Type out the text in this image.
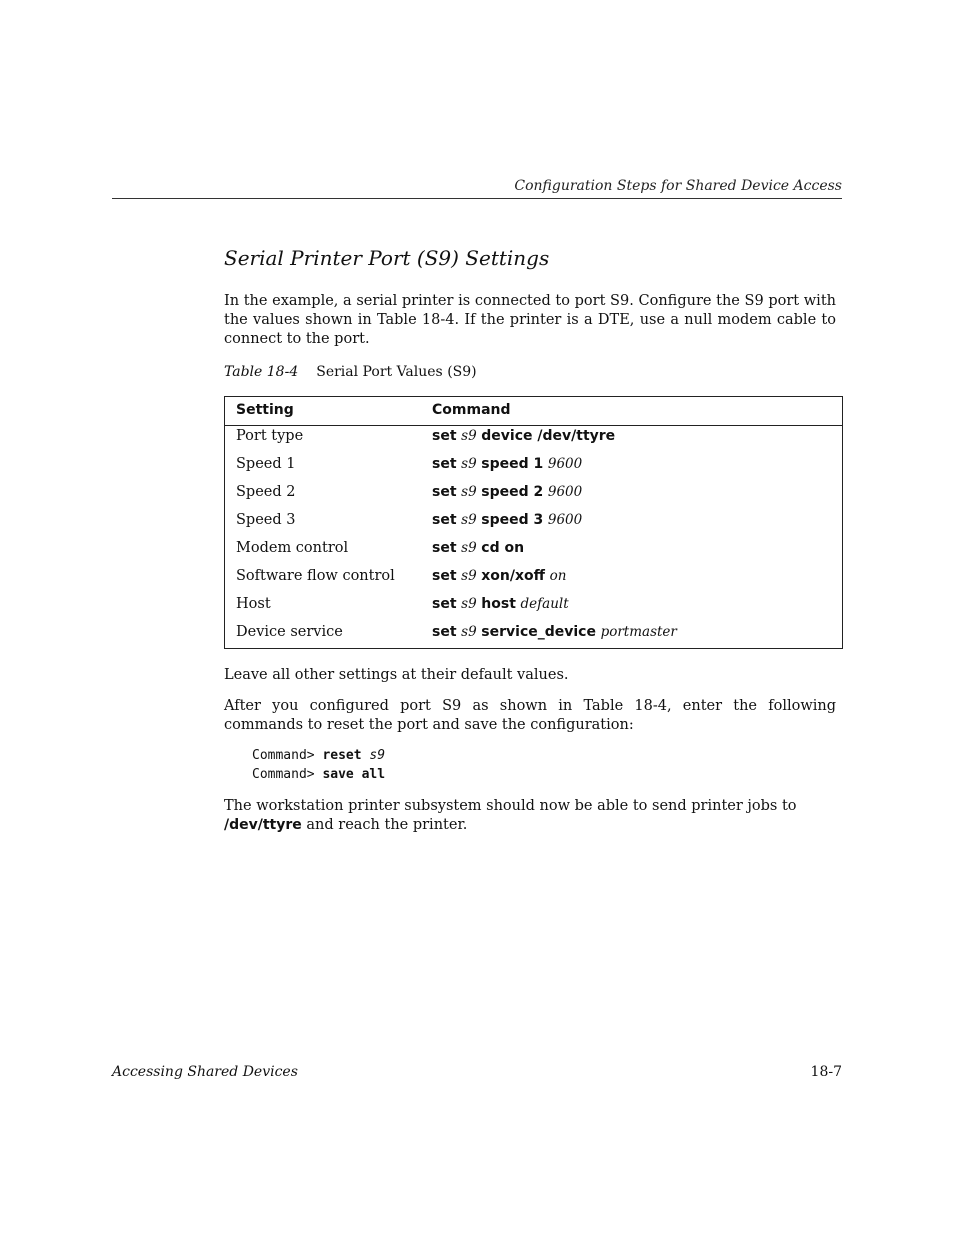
Configuration Steps for Shared Device Access
Serial Printer Port (S9) Settings
In the example, a serial printer is connected to port S9. Configure the S9 port with the values shown in Table 18-4. If the printer is a DTE, use a null modem cable to connect to the port.
Table 18-4 Serial Port Values (S9)
Setting	Command
Port type	set s9 device /dev/ttyre
Speed 1	set s9 speed 1 9600
Speed 2	set s9 speed 2 9600
Speed 3	set s9 speed 3 9600
Modem control	set s9 cd on
Software flow control	set s9 xon/xoff on
Host	set s9 host default
Device service	set s9 service_device portmaster
Leave all other settings at their default values.
After you configured port S9 as shown in Table 18-4, enter the following commands to reset the port and save the configuration:
Command> reset s9
Command> save all
The workstation printer subsystem should now be able to send printer jobs to
/dev/ttyre and reach the printer.
Accessing Shared Devices	18-7
